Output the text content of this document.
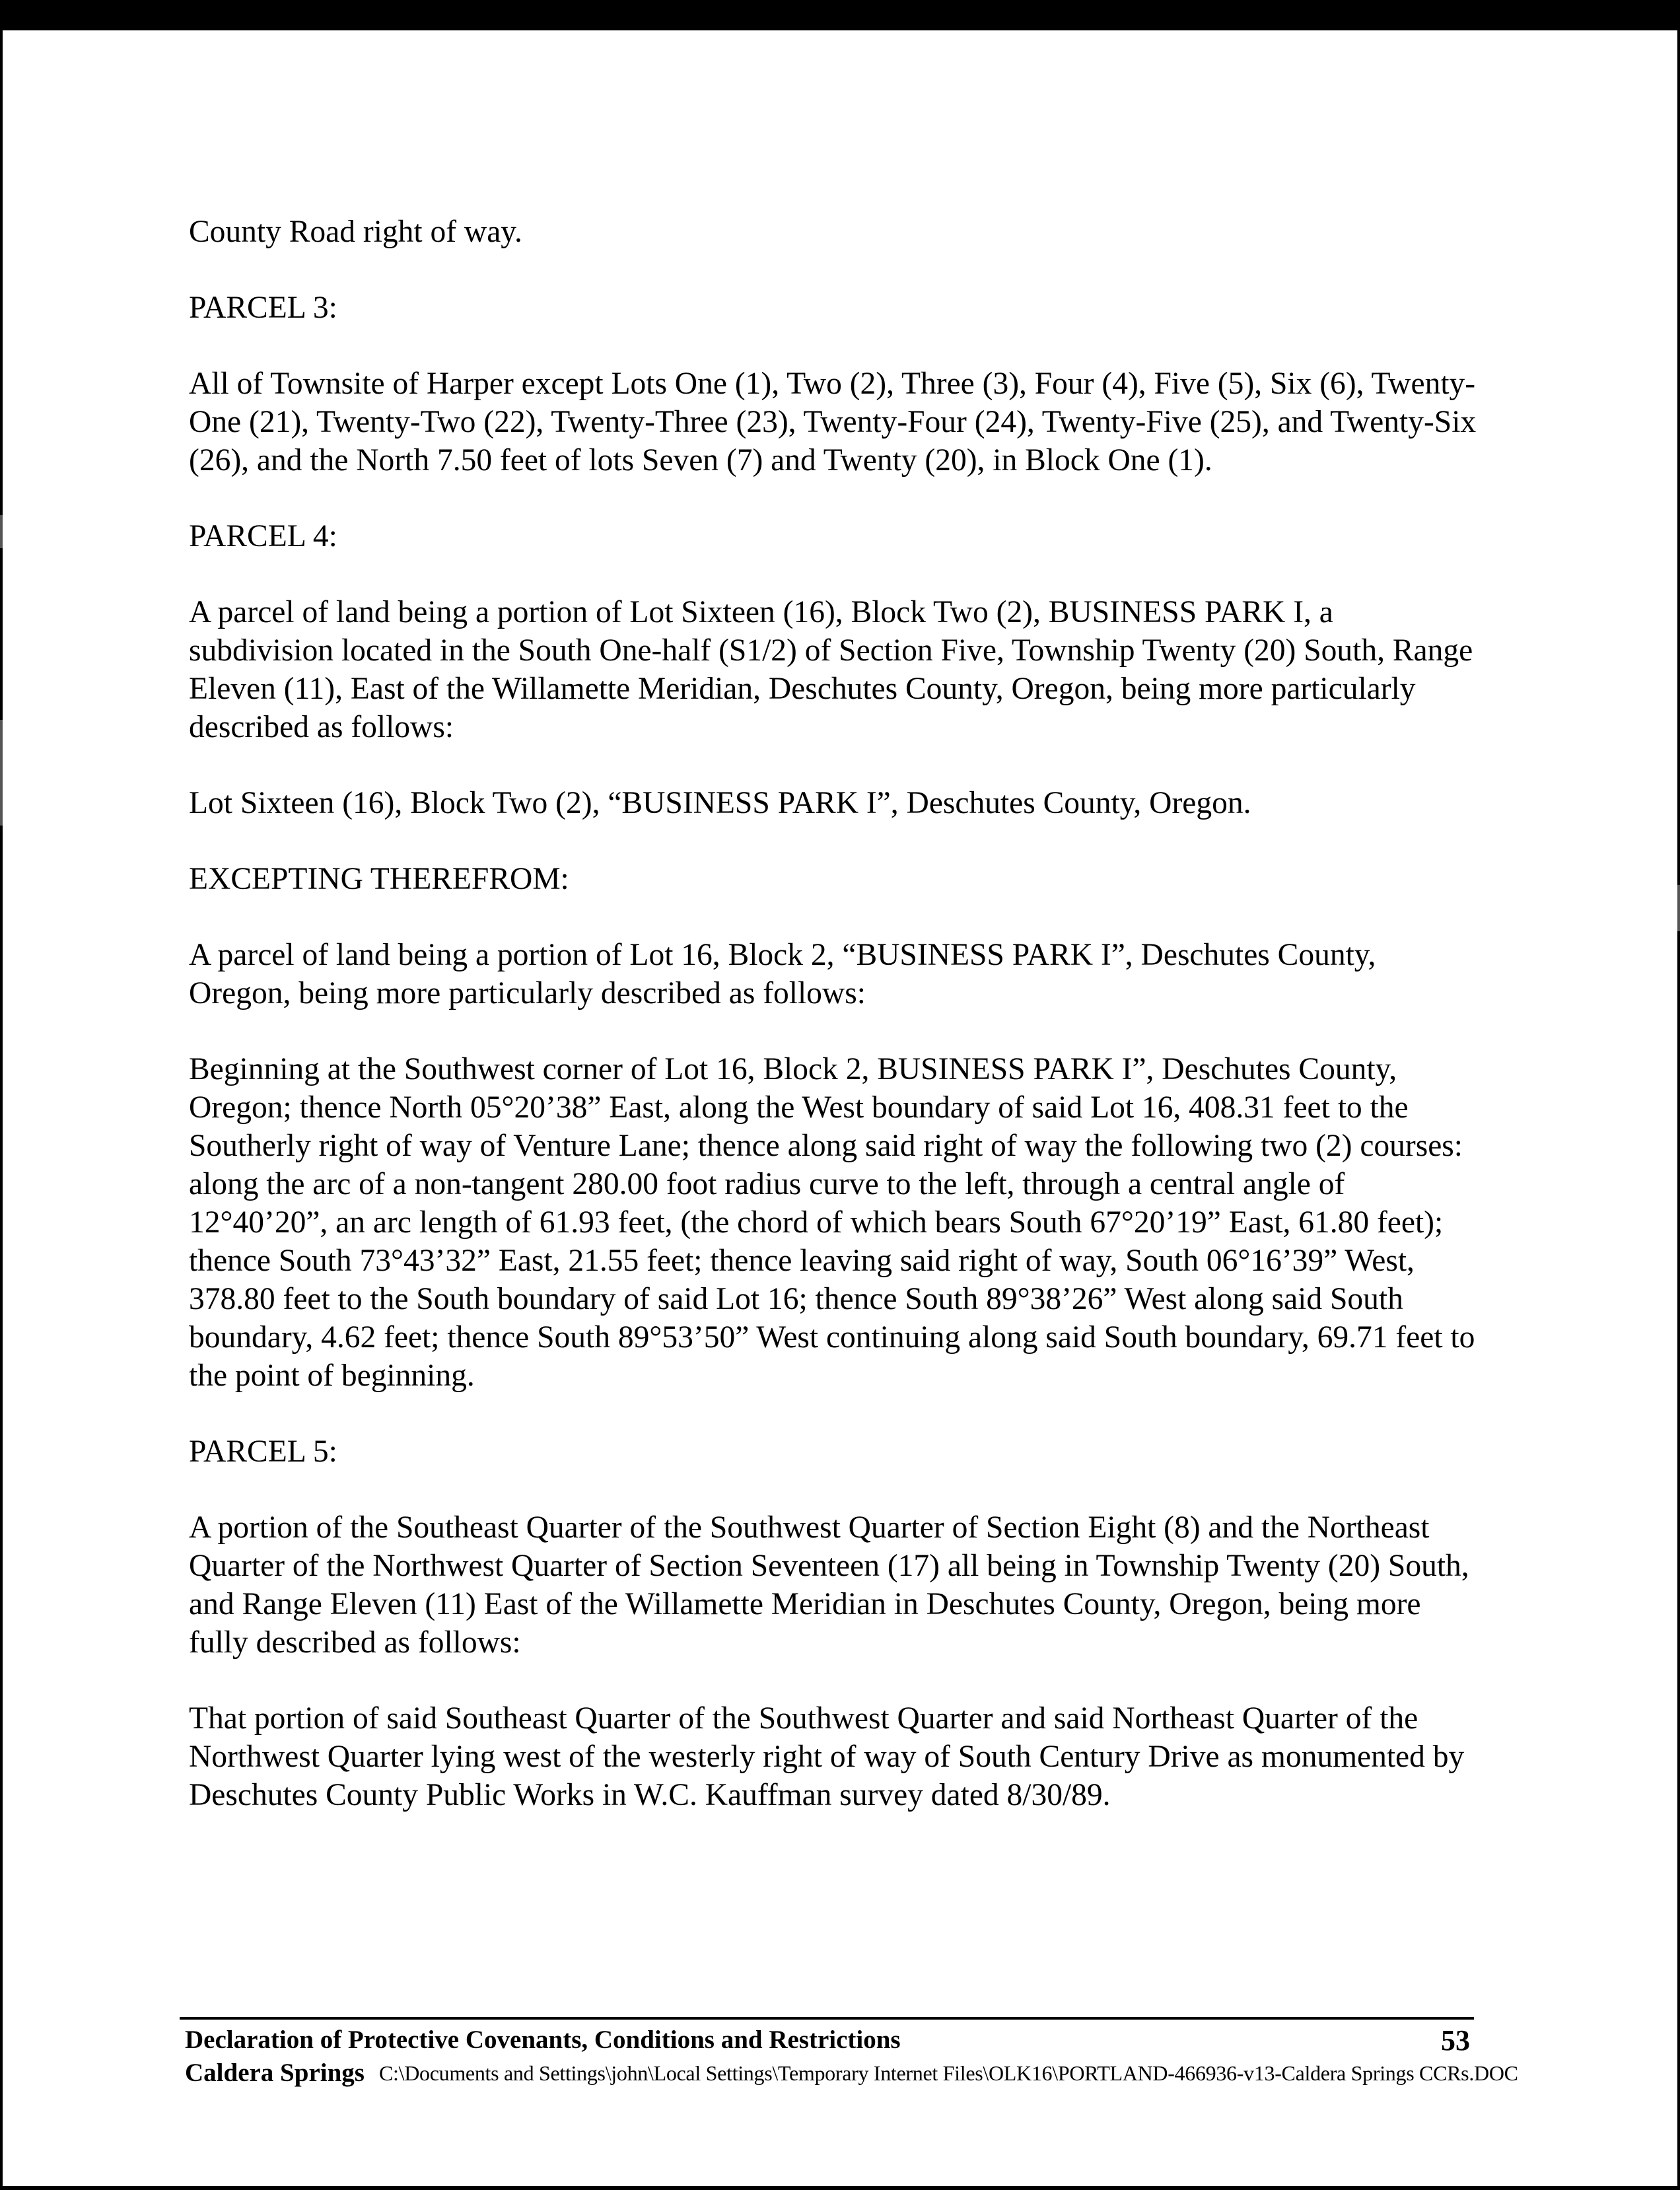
County Road right of way.

PARCEL 3:

All of Townsite of Harper except Lots One (1), Two (2), Three (3), Four (4), Five (5), Six (6), Twenty-One (21), Twenty-Two (22), Twenty-Three (23), Twenty-Four (24), Twenty-Five (25), and Twenty-Six (26), and the North 7.50 feet of lots Seven (7) and Twenty (20), in Block One (1).

PARCEL 4:

A parcel of land being a portion of Lot Sixteen (16), Block Two (2), BUSINESS PARK I, a subdivision located in the South One-half (S1/2) of Section Five, Township Twenty (20) South, Range Eleven (11), East of the Willamette Meridian, Deschutes County, Oregon, being more particularly described as follows:

Lot Sixteen (16), Block Two (2), “BUSINESS PARK I”, Deschutes County, Oregon.

EXCEPTING THEREFROM:

A parcel of land being a portion of Lot 16, Block 2, “BUSINESS PARK I”, Deschutes County, Oregon, being more particularly described as follows:

Beginning at the Southwest corner of Lot 16, Block 2, BUSINESS PARK I”, Deschutes County, Oregon; thence North 05°20’38” East, along the West boundary of said Lot 16, 408.31 feet to the Southerly right of way of Venture Lane; thence along said right of way the following two (2) courses: along the arc of a non-tangent 280.00 foot radius curve to the left, through a central angle of 12°40’20”, an arc length of 61.93 feet, (the chord of which bears South 67°20’19” East, 61.80 feet); thence South 73°43’32” East, 21.55 feet; thence leaving said right of way, South 06°16’39” West, 378.80 feet to the South boundary of said Lot 16; thence South 89°38’26” West along said South boundary, 4.62 feet; thence South 89°53’50” West continuing along said South boundary, 69.71 feet to the point of beginning.

PARCEL 5:

A portion of the Southeast Quarter of the Southwest Quarter of Section Eight (8) and the Northeast Quarter of the Northwest Quarter of Section Seventeen (17) all being in Township Twenty (20) South, and Range Eleven (11) East of the Willamette Meridian in Deschutes County, Oregon, being more fully described as follows:

That portion of said Southeast Quarter of the Southwest Quarter and said Northeast Quarter of the Northwest Quarter lying west of the westerly right of way of South Century Drive as monumented by Deschutes County Public Works in W.C. Kauffman survey dated 8/30/89.

Declaration of Protective Covenants, Conditions and Restrictions	53
Caldera Springs C:\Documents and Settings\john\Local Settings\Temporary Internet Files\OLK16\PORTLAND-466936-v13-Caldera Springs CCRs.DOC
